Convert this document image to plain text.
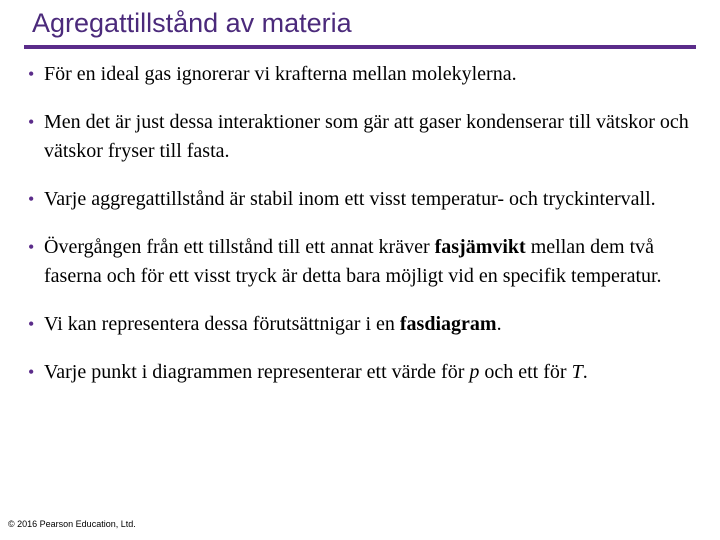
Agregattillstånd av materia
• För en ideal gas ignorerar vi krafterna mellan molekylerna.
• Men det är just dessa interaktioner som gär att gaser kondenserar till vätskor och vätskor fryser till fasta.
• Varje aggregattillstånd är stabil inom ett visst temperatur- och tryckintervall.
• Övergången från ett tillstånd till ett annat kräver fasjämvikt mellan dem två faserna och för ett visst tryck är detta bara möjligt vid en specifik temperatur.
• Vi kan representera dessa förutsättnigar i en fasdiagram.
• Varje punkt i diagrammen representerar ett värde för p och ett för T.
© 2016 Pearson Education, Ltd.
